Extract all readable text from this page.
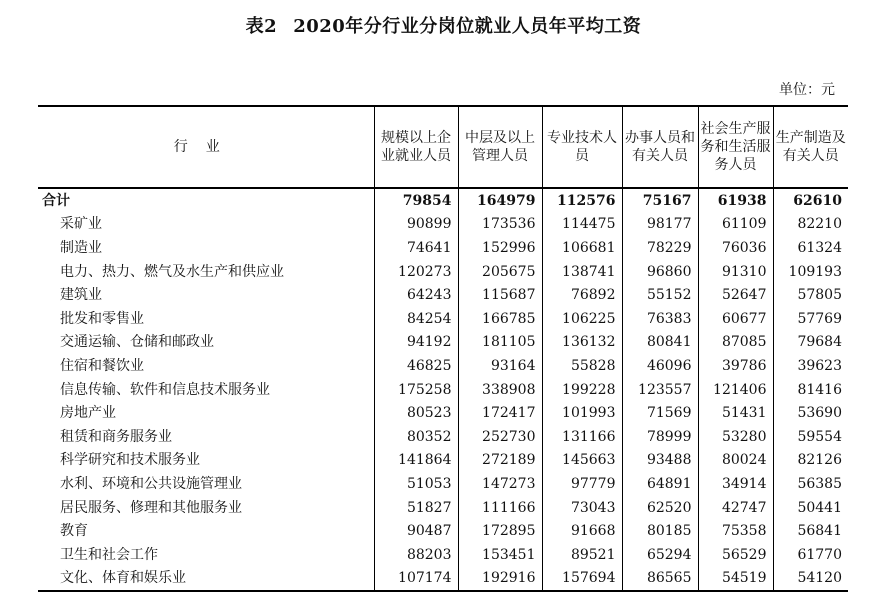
表2 2020年分行业分岗位就业人员年平均工资
单位：元
行业	规模以上企业就业人员	中层及以上管理人员	专业技术人员	办事人员和有关人员	社会生产服务和生活服务人员	生产制造及有关人员
合计	79854	164979	112576	75167	61938	62610
采矿业	90899	173536	114475	98177	61109	82210
制造业	74641	152996	106681	78229	76036	61324
电力、热力、燃气及水生产和供应业	120273	205675	138741	96860	91310	109193
建筑业	64243	115687	76892	55152	52647	57805
批发和零售业	84254	166785	106225	76383	60677	57769
交通运输、仓储和邮政业	94192	181105	136132	80841	87085	79684
住宿和餐饮业	46825	93164	55828	46096	39786	39623
信息传输、软件和信息技术服务业	175258	338908	199228	123557	121406	81416
房地产业	80523	172417	101993	71569	51431	53690
租赁和商务服务业	80352	252730	131166	78999	53280	59554
科学研究和技术服务业	141864	272189	145663	93488	80024	82126
水利、环境和公共设施管理业	51053	147273	97779	64891	34914	56385
居民服务、修理和其他服务业	51827	111166	73043	62520	42747	50441
教育	90487	172895	91668	80185	75358	56841
卫生和社会工作	88203	153451	89521	65294	56529	61770
文化、体育和娱乐业	107174	192916	157694	86565	54519	54120
